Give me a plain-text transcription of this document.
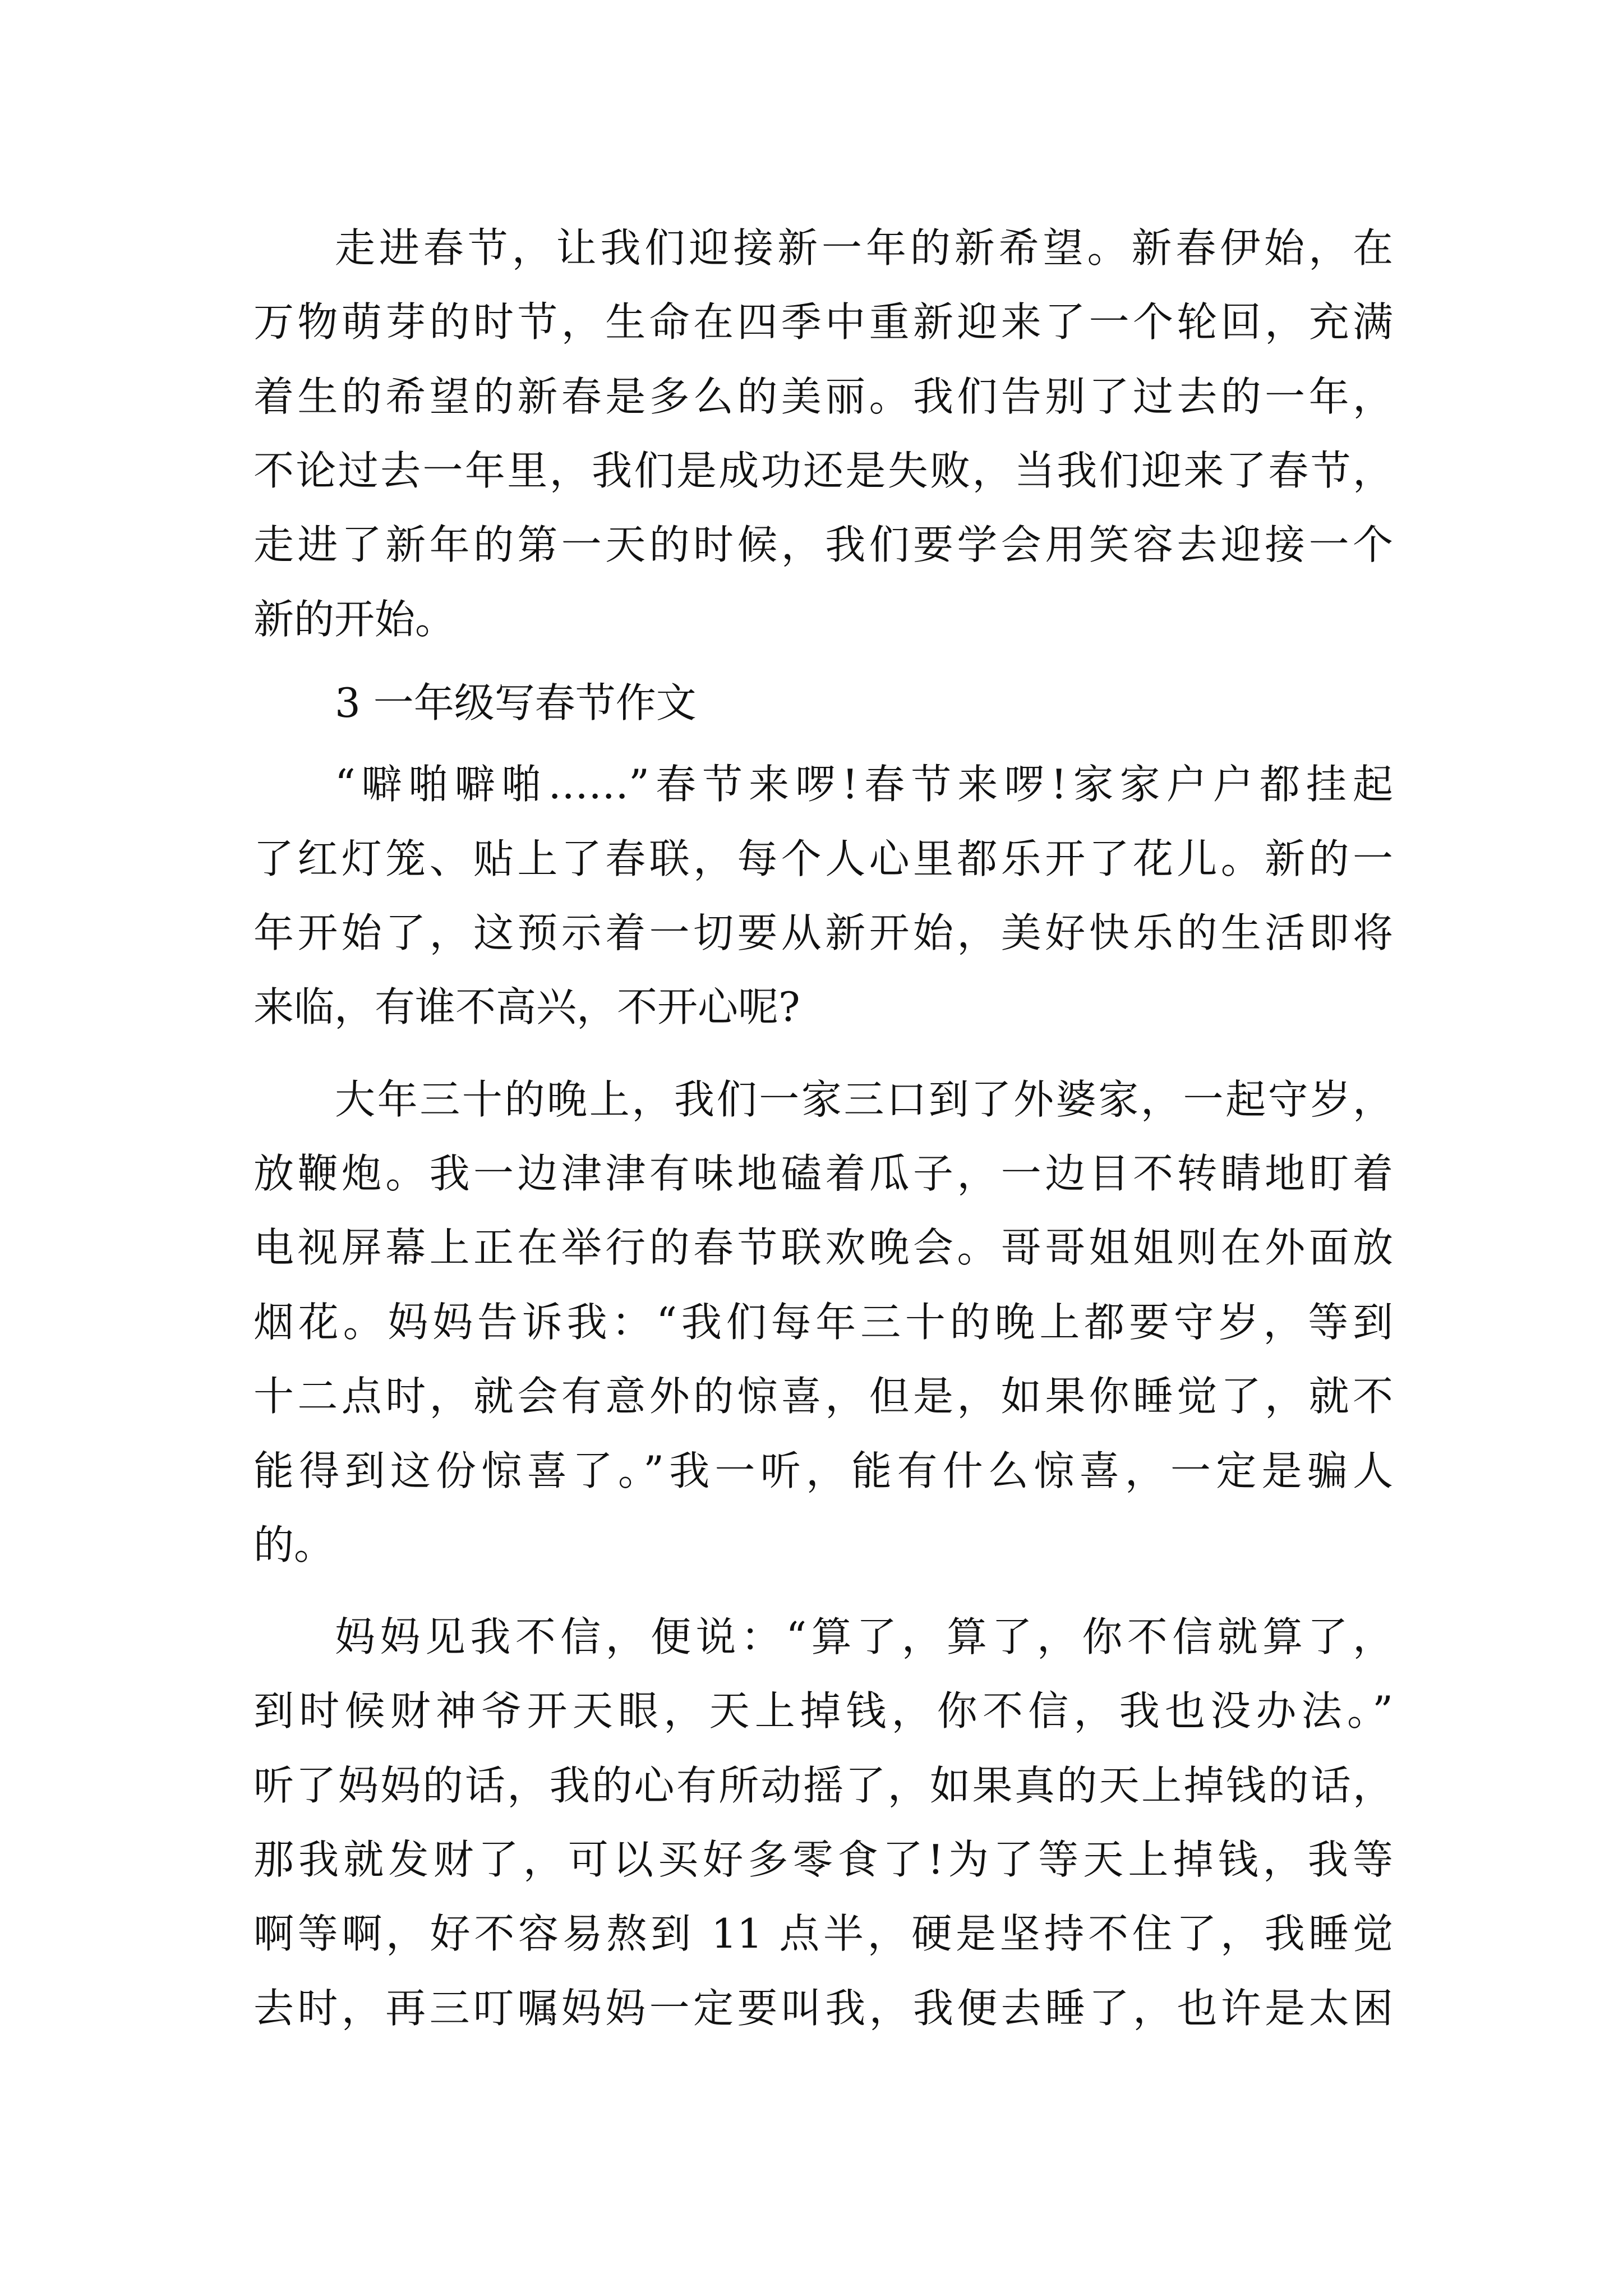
走进春节，让我们迎接新一年的新希望。新春伊始，在
万物萌芽的时节，生命在四季中重新迎来了一个轮回，充满
着生的希望的新春是多么的美丽。我们告别了过去的一年，
不论过去一年里，我们是成功还是失败，当我们迎来了春节，
走进了新年的第一天的时候，我们要学会用笑容去迎接一个
新的开始。
3 一年级写春节作文
“噼啪噼啪……”春节来啰!春节来啰!家家户户都挂起
了红灯笼、贴上了春联，每个人心里都乐开了花儿。新的一
年开始了，这预示着一切要从新开始，美好快乐的生活即将
来临，有谁不高兴，不开心呢?
大年三十的晚上，我们一家三口到了外婆家，一起守岁，
放鞭炮。我一边津津有味地磕着瓜子，一边目不转睛地盯着
电视屏幕上正在举行的春节联欢晚会。哥哥姐姐则在外面放
烟花。妈妈告诉我：“我们每年三十的晚上都要守岁，等到
十二点时，就会有意外的惊喜，但是，如果你睡觉了，就不
能得到这份惊喜了。”我一听，能有什么惊喜，一定是骗人
的。
妈妈见我不信，便说：“算了，算了，你不信就算了，
到时候财神爷开天眼，天上掉钱，你不信，我也没办法。”
听了妈妈的话，我的心有所动摇了，如果真的天上掉钱的话，
那我就发财了，可以买好多零食了!为了等天上掉钱，我等
啊等啊，好不容易熬到 11 点半，硬是坚持不住了，我睡觉
去时，再三叮嘱妈妈一定要叫我，我便去睡了，也许是太困
